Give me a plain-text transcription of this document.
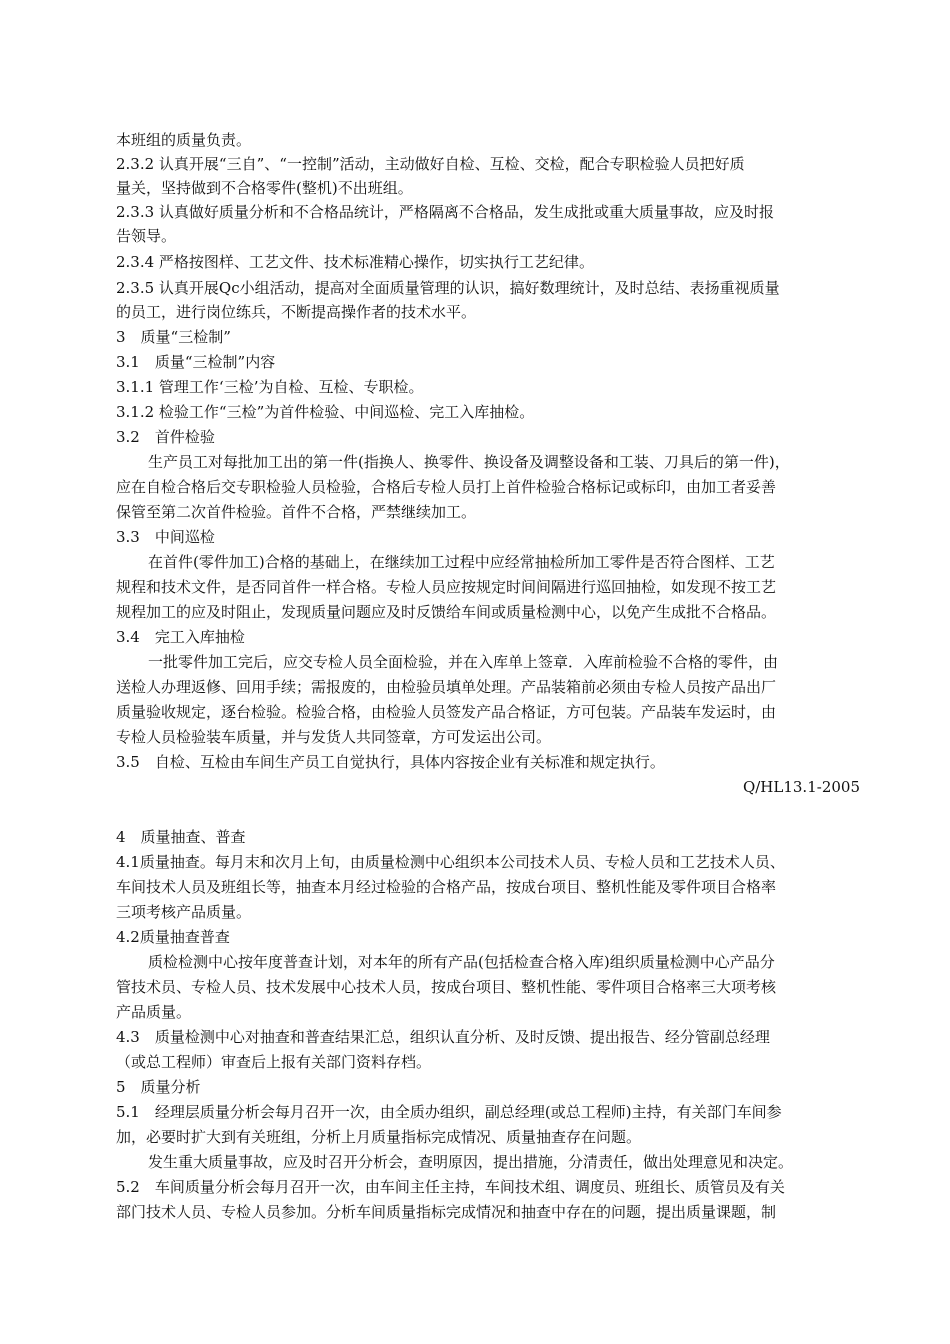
本班组的质量负责。
2.3.2 认真开展“三自”、“一控制”活动，主动做好自检、互检、交检，配合专职检验人员把好质
量关，坚持做到不合格零件(整机)不出班组。
2.3.3 认真做好质量分析和不合格品统计，严格隔离不合格品，发生成批或重大质量事故，应及时报
告领导。
2.3.4 严格按图样、工艺文件、技术标准精心操作，切实执行工艺纪律。
2.3.5 认真开展Qc小组活动，提高对全面质量管理的认识，搞好数理统计，及时总结、表扬重视质量
的员工，进行岗位练兵，不断提高操作者的技术水平。
3　质量“三检制”
3.1　质量“三检制”内容
3.1.1 管理工作‘三检’为自检、互检、专职检。
3.1.2 检验工作“三检”为首件检验、中间巡检、完工入库抽检。
3.2　首件检验
生产员工对每批加工出的第一件(指换人、换零件、换设备及调整设备和工装、刀具后的第一件)，
应在自检合格后交专职检验人员检验，合格后专检人员打上首件检验合格标记或标印，由加工者妥善
保管至第二次首件检验。首件不合格，严禁继续加工。
3.3　中间巡检
在首件(零件加工)合格的基础上，在继续加工过程中应经常抽检所加工零件是否符合图样、工艺
规程和技术文件，是否同首件一样合格。专检人员应按规定时间间隔进行巡回抽检，如发现不按工艺
规程加工的应及时阻止，发现质量问题应及时反馈给车间或质量检测中心，以免产生成批不合格品。
3.4　完工入库抽检
一批零件加工完后，应交专检人员全面检验，并在入库单上签章．入库前检验不合格的零件，由
送检人办理返修、回用手续；需报废的，由检验员填单处理。产品装箱前必须由专检人员按产品出厂
质量验收规定，逐台检验。检验合格，由检验人员签发产品合格证，方可包装。产品装车发运时，由
专检人员检验装车质量，并与发货人共同签章，方可发运出公司。
3.5　自检、互检由车间生产员工自觉执行，具体内容按企业有关标准和规定执行。
Q/HL13.1-2005
4　质量抽查、普查
4.1质量抽查。每月末和次月上旬，由质量检测中心组织本公司技术人员、专检人员和工艺技术人员、
车间技术人员及班组长等，抽查本月经过检验的合格产品，按成台项目、整机性能及零件项目合格率
三项考核产品质量。
4.2质量抽查普查
质检检测中心按年度普查计划，对本年的所有产品(包括检查合格入库)组织质量检测中心产品分
管技术员、专检人员、技术发展中心技术人员，按成台项目、整机性能、零件项目合格率三大项考核
产品质量。
4.3　质量检测中心对抽查和普查结果汇总，组织认直分析、及时反馈、提出报告、经分管副总经理
（或总工程师）审查后上报有关部门资料存档。
5　质量分析
5.1　经理层质量分析会每月召开一次，由全质办组织，副总经理(或总工程师)主持，有关部门车间参
加，必要时扩大到有关班组，分析上月质量指标完成情况、质量抽查存在问题。
发生重大质量事故，应及时召开分析会，查明原因，提出措施，分清责任，做出处理意见和决定。
5.2　车间质量分析会每月召开一次，由车间主任主持，车间技术组、调度员、班组长、质管员及有关
部门技术人员、专检人员参加。分析车间质量指标完成情况和抽查中存在的问题，提出质量课题，制
